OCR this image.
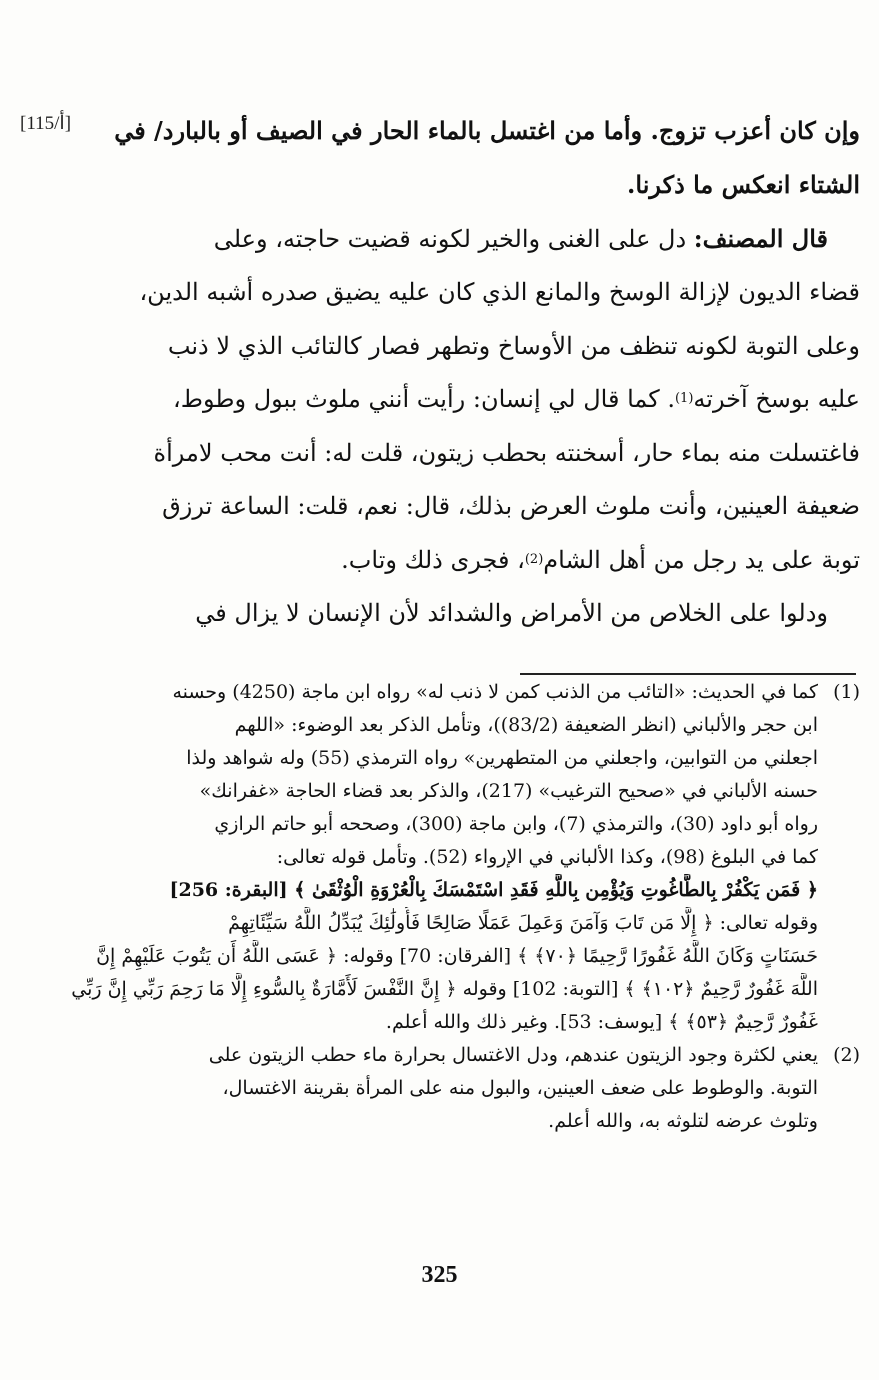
[115/أ]	وإن كان أعزب تزوج. وأما من اغتسل بالماء الحار في الصيف أو بالبارد/ في
الشتاء انعكس ما ذكرنا.
قال المصنف:

دل على الغنى والخير لكونه قضيت حاجته، وعلى
قضاء الديون لإزالة الوسخ والمانع الذي كان عليه يضيق صدره أشبه الدين،
وعلى التوبة لكونه تنظف من الأوساخ وتطهر فصار كالتائب الذي لا ذنب
عليه بوسخ آخرته
(1)
. كما قال لي إنسان: رأيت أنني ملوث ببول وطوط،
فاغتسلت منه بماء حار، أسخنته بحطب زيتون، قلت له: أنت محب لامرأة
ضعيفة العينين، وأنت ملوث العرض بذلك، قال: نعم، قلت: الساعة ترزق
توبة على يد رجل من أهل الشام
(2)
، فجرى ذلك وتاب.
ودلوا على الخلاص من الأمراض والشدائد لأن الإنسان لا يزال في
(1)
كما في الحديث: «التائب من الذنب كمن لا ذنب له» رواه ابن ماجة (4250) وحسنه
ابن حجر والألباني (انظر الضعيفة (83/2))، وتأمل الذكر بعد الوضوء: «اللهم
اجعلني من التوابين، واجعلني من المتطهرين» رواه الترمذي (55) وله شواهد ولذا
حسنه الألباني في «صحيح الترغيب» (217)، والذكر بعد قضاء الحاجة «غفرانك»
رواه أبو داود (30)، والترمذي (7)، وابن ماجة (300)، وصححه أبو حاتم الرازي
كما في البلوغ (98)، وكذا الألباني في الإرواء (52). وتأمل قوله تعالى:
﴿ فَمَن يَكْفُرْ بِالطَّاغُوتِ وَيُؤْمِن بِاللَّهِ فَقَدِ اسْتَمْسَكَ بِالْعُرْوَةِ الْوُثْقَىٰ ﴾ [البقرة: 256]
وقوله تعالى: ﴿ إِلَّا مَن تَابَ وَآمَنَ وَعَمِلَ عَمَلًا صَالِحًا فَأُولَٰئِكَ يُبَدِّلُ اللَّهُ سَيِّئَاتِهِمْ
حَسَنَاتٍ وَكَانَ اللَّهُ غَفُورًا رَّحِيمًا ﴿٧٠﴾ ﴾ [الفرقان: 70] وقوله: ﴿ عَسَى اللَّهُ أَن يَتُوبَ عَلَيْهِمْ إِنَّ
اللَّهَ غَفُورٌ رَّحِيمٌ ﴿١٠٢﴾ ﴾ [التوبة: 102] وقوله ﴿ إِنَّ النَّفْسَ لَأَمَّارَةٌ بِالسُّوءِ إِلَّا مَا رَحِمَ رَبِّي إِنَّ رَبِّي
غَفُورٌ رَّحِيمٌ ﴿٥٣﴾ ﴾ [يوسف: 53]. وغير ذلك والله أعلم.
(2)
يعني لكثرة وجود الزيتون عندهم، ودل الاغتسال بحرارة ماء حطب الزيتون على
التوبة. والوطوط على ضعف العينين، والبول منه على المرأة بقرينة الاغتسال،
وتلوث عرضه لتلوثه به، والله أعلم.
325
